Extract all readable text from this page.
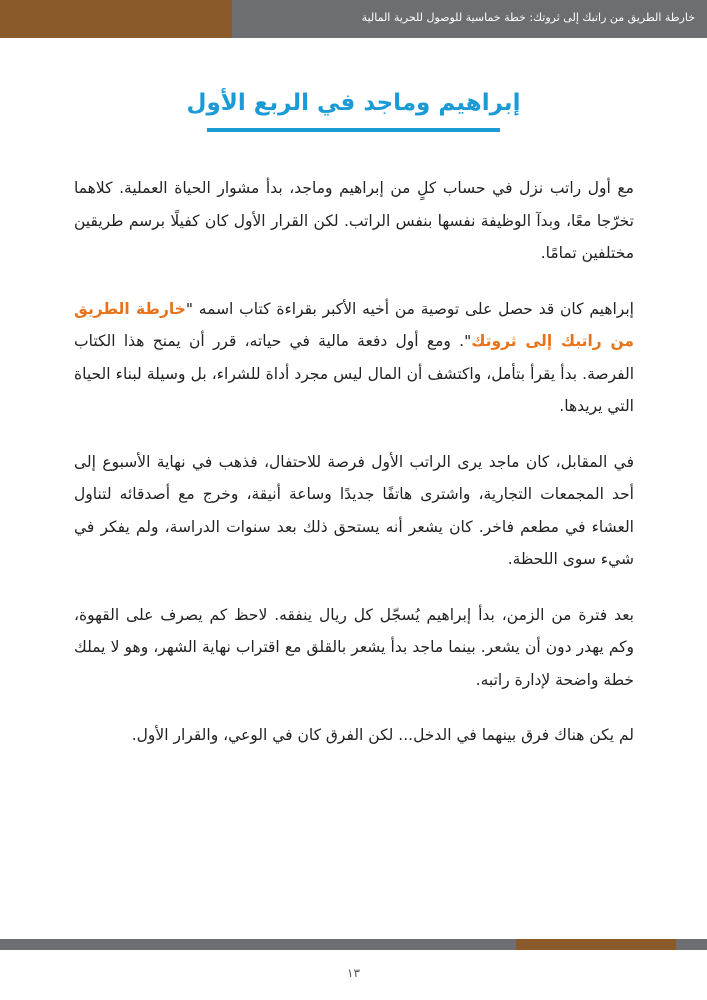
خارطة الطريق من راتبك إلى ثروتك: خطة خماسية للوصول للحرية المالية
إبراهيم وماجد في الربع الأول

مع أول راتب نزل في حساب كلٍ من إبراهيم وماجد، بدأ مشوار الحياة العملية. كلاهما تخرّجا معًا، وبدآ الوظيفة نفسها بنفس الراتب. لكن القرار الأول كان كفيلًا برسم طريقين مختلفين تمامًا.

إبراهيم كان قد حصل على توصية من أخيه الأكبر بقراءة كتاب اسمه "خارطة الطريق من راتبك إلى ثروتك". ومع أول دفعة مالية في حياته، قرر أن يمنح هذا الكتاب الفرصة. بدأ يقرأ بتأمل، واكتشف أن المال ليس مجرد أداة للشراء، بل وسيلة لبناء الحياة التي يريدها.

في المقابل، كان ماجد يرى الراتب الأول فرصة للاحتفال، فذهب في نهاية الأسبوع إلى أحد المجمعات التجارية، واشترى هاتفًا جديدًا وساعة أنيقة، وخرج مع أصدقائه لتناول العشاء في مطعم فاخر. كان يشعر أنه يستحق ذلك بعد سنوات الدراسة، ولم يفكر في شيء سوى اللحظة.

بعد فترة من الزمن، بدأ إبراهيم يُسجّل كل ريال ينفقه. لاحظ كم يصرف على القهوة، وكم يهدر دون أن يشعر. بينما ماجد بدأ يشعر بالقلق مع اقتراب نهاية الشهر، وهو لا يملك خطة واضحة لإدارة راتبه.

لم يكن هناك فرق بينهما في الدخل... لكن الفرق كان في الوعي، والقرار الأول.

١٣
